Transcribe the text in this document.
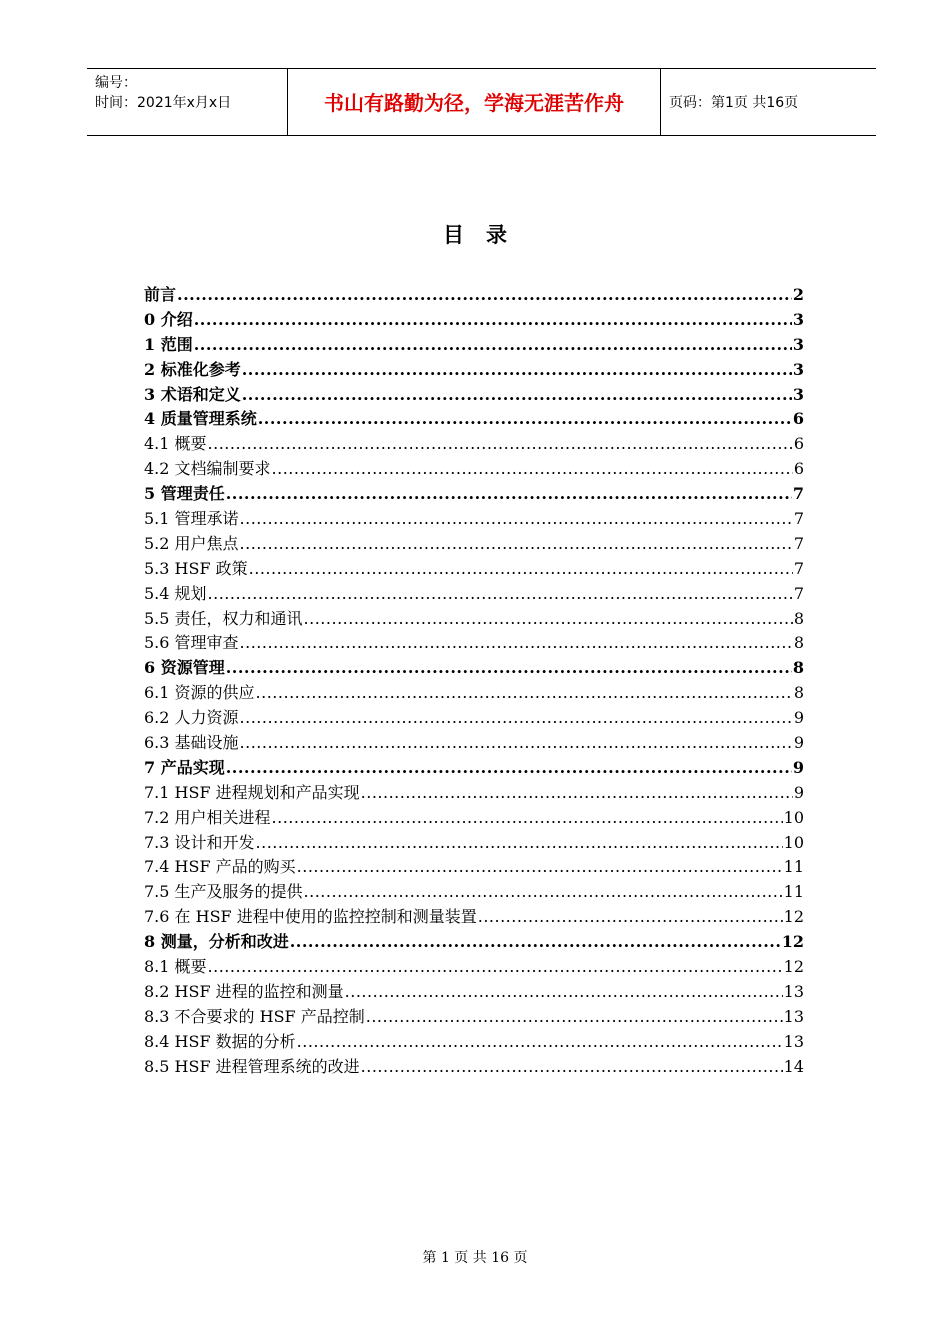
编号：
时间：2021年x月x日	书山有路勤为径，学海无涯苦作舟	页码：第1页 共16页
目录
前言 .....	2
0 介绍 .....	3
1 范围 .....	3
2 标准化参考 .....	3
3 术语和定义 .....	3
4 质量管理系统 .....	6
4.1 概要 .....	6
4.2 文档编制要求 .....	6
5 管理责任 .....	7
5.1 管理承诺 .....	7
5.2 用户焦点 .....	7
5.3 HSF 政策 .....	7
5.4 规划 .....	7
5.5 责任，权力和通讯 .....	8
5.6 管理审查 .....	8
6 资源管理 .....	8
6.1 资源的供应 .....	8
6.2 人力资源 .....	9
6.3 基础设施 .....	9
7 产品实现 .....	9
7.1 HSF 进程规划和产品实现 .....	9
7.2 用户相关进程 .....	10
7.3 设计和开发 .....	10
7.4 HSF 产品的购买 .....	11
7.5 生产及服务的提供 .....	11
7.6 在 HSF 进程中使用的监控控制和测量装置 .....	12
8 测量，分析和改进 .....	12
8.1 概要 .....	12
8.2 HSF 进程的监控和测量 .....	13
8.3 不合要求的 HSF 产品控制 .....	13
8.4 HSF 数据的分析 .....	13
8.5 HSF 进程管理系统的改进 .....	14
第 1 页 共 16 页
